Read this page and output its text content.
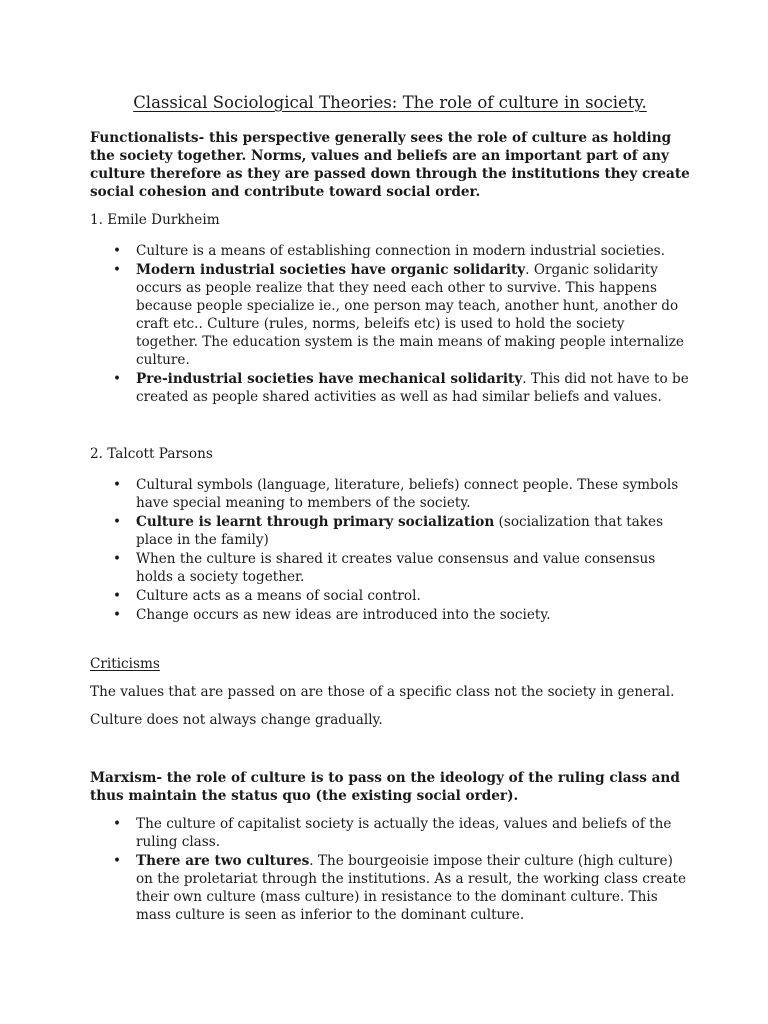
Classical Sociological Theories: The role of culture in society.

Functionalists- this perspective generally sees the role of culture as holding the society together. Norms, values and beliefs are an important part of any culture therefore as they are passed down through the institutions they create social cohesion and contribute toward social order.

1. Emile Durkheim

• Culture is a means of establishing connection in modern industrial societies.
• Modern industrial societies have organic solidarity. Organic solidarity occurs as people realize that they need each other to survive. This happens because people specialize ie., one person may teach, another hunt, another do craft etc.. Culture (rules, norms, beleifs etc) is used to hold the society together. The education system is the main means of making people internalize culture.
• Pre-industrial societies have mechanical solidarity. This did not have to be created as people shared activities as well as had similar beliefs and values.

2. Talcott Parsons

• Cultural symbols (language, literature, beliefs) connect people. These symbols have special meaning to members of the society.
• Culture is learnt through primary socialization (socialization that takes place in the family)
• When the culture is shared it creates value consensus and value consensus holds a society together.
• Culture acts as a means of social control.
• Change occurs as new ideas are introduced into the society.

Criticisms

The values that are passed on are those of a specific class not the society in general.

Culture does not always change gradually.

Marxism- the role of culture is to pass on the ideology of the ruling class and thus maintain the status quo (the existing social order).

• The culture of capitalist society is actually the ideas, values and beliefs of the ruling class.
• There are two cultures. The bourgeoisie impose their culture (high culture) on the proletariat through the institutions. As a result, the working class create their own culture (mass culture) in resistance to the dominant culture. This mass culture is seen as inferior to the dominant culture.
